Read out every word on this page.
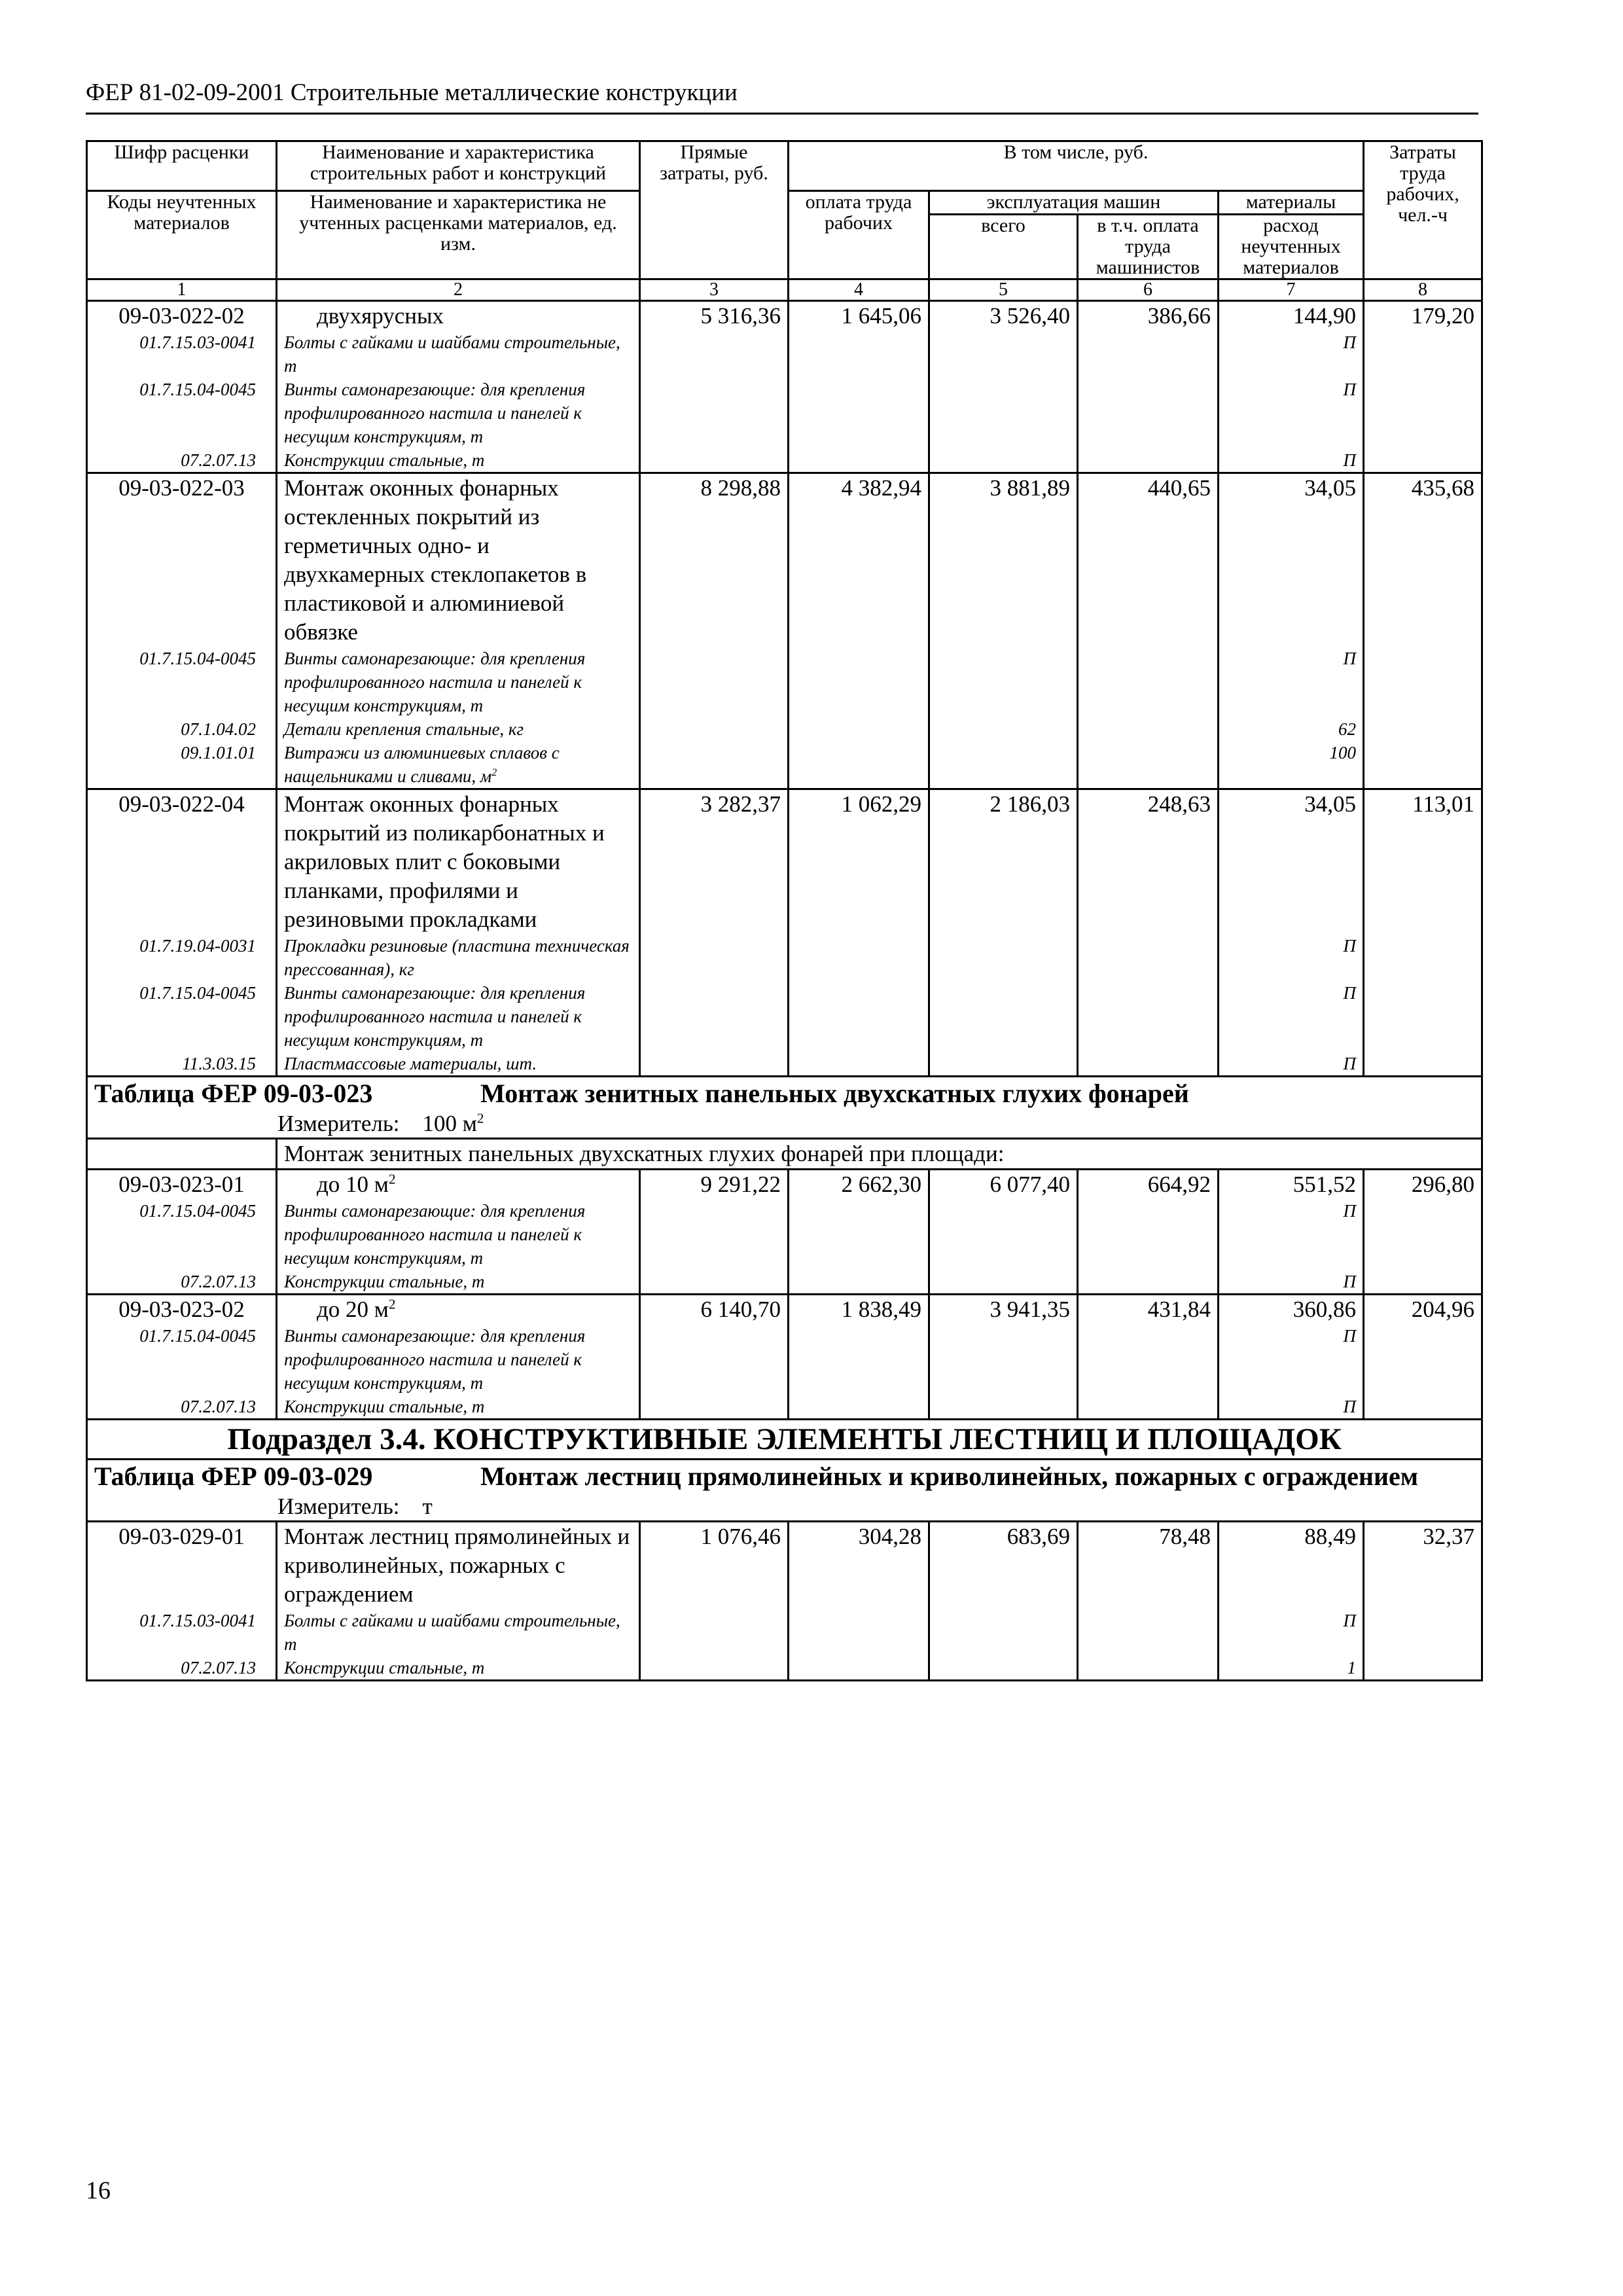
ФЕР 81-02-09-2001 Строительные металлические конструкции
Шифр расценки	Наименование и характеристика строительных работ и конструкций	Прямые затраты, руб.	В том числе, руб.				Затраты труда рабочих, чел.-ч
Коды неучтенных материалов	Наименование и характеристика не учтенных расценками материалов, ед. изм.		оплата труда рабочих	эксплуатация машин		материалы	
				всего	в т.ч. оплата труда машинистов	расход неучтенных материалов	

1	2	3	4	5	6	7	8
09-03-022-02	двухярусных	5 316,36	1 645,06	3 526,40	386,66	144,90	179,20
01.7.15.03-0041	Болты с гайками и шайбами строительные, т					П	
01.7.15.04-0045	Винты самонарезающие: для крепления профилированного настила и панелей к несущим конструкциям, т					П	
07.2.07.13	Конструкции стальные, т					П	
09-03-022-03	Монтаж оконных фонарных остекленных покрытий из герметичных одно- и двухкамерных стеклопакетов в пластиковой и алюминиевой обвязке	8 298,88	4 382,94	3 881,89	440,65	34,05	435,68
01.7.15.04-0045	Винты самонарезающие: для крепления профилированного настила и панелей к несущим конструкциям, т					П	
07.1.04.02	Детали крепления стальные, кг					62	
09.1.01.01	Витражи из алюминиевых сплавов с нащельниками и сливами, $м^2$					100	
09-03-022-04	Монтаж оконных фонарных покрытий из поликарбонатных и акриловых плит с боковыми планками, профилями и резиновыми прокладками	3 282,37	1 062,29	2 186,03	248,63	34,05	113,01
01.7.19.04-0031	Прокладки резиновые (пластина техническая прессованная), кг					П	
01.7.15.04-0045	Винты самонарезающие: для крепления профилированного настила и панелей к несущим конструкциям, т					П	
11.3.03.15	Пластмассовые материалы, шт.					П	
Таблица ФЕР 09-03-023 Монтаж зенитных панельных двухскатных глухих фонарей							
Измеритель: 100 $м^2$
	Монтаж зенитных панельных двухскатных глухих фонарей при площади:						
09-03-023-01	до 10 $м^2$	9 291,22	2 662,30	6 077,40	664,92	551,52	296,80
01.7.15.04-0045	Винты самонарезающие: для крепления профилированного настила и панелей к несущим конструкциям, т					П	
07.2.07.13	Конструкции стальные, т					П	
09-03-023-02	до 20 $м^2$	6 140,70	1 838,49	3 941,35	431,84	360,86	204,96
01.7.15.04-0045	Винты самонарезающие: для крепления профилированного настила и панелей к несущим конструкциям, т					П	
07.2.07.13	Конструкции стальные, т					П	
Подраздел 3.4. КОНСТРУКТИВНЫЕ ЭЛЕМЕНТЫ ЛЕСТНИЦ И ПЛОЩАДОК							

Таблица ФЕР 09-03-029 Монтаж лестниц прямолинейных и криволинейных, пожарных с ограждением							

Измеритель: т							
09-03-029-01	Монтаж лестниц прямолинейных и криволинейных, пожарных с ограждением	1 076,46	304,28	683,69	78,48	88,49	32,37
01.7.15.03-0041	Болты с гайками и шайбами строительные, т					П	
07.2.07.13	Конструкции стальные, т					1	
16
